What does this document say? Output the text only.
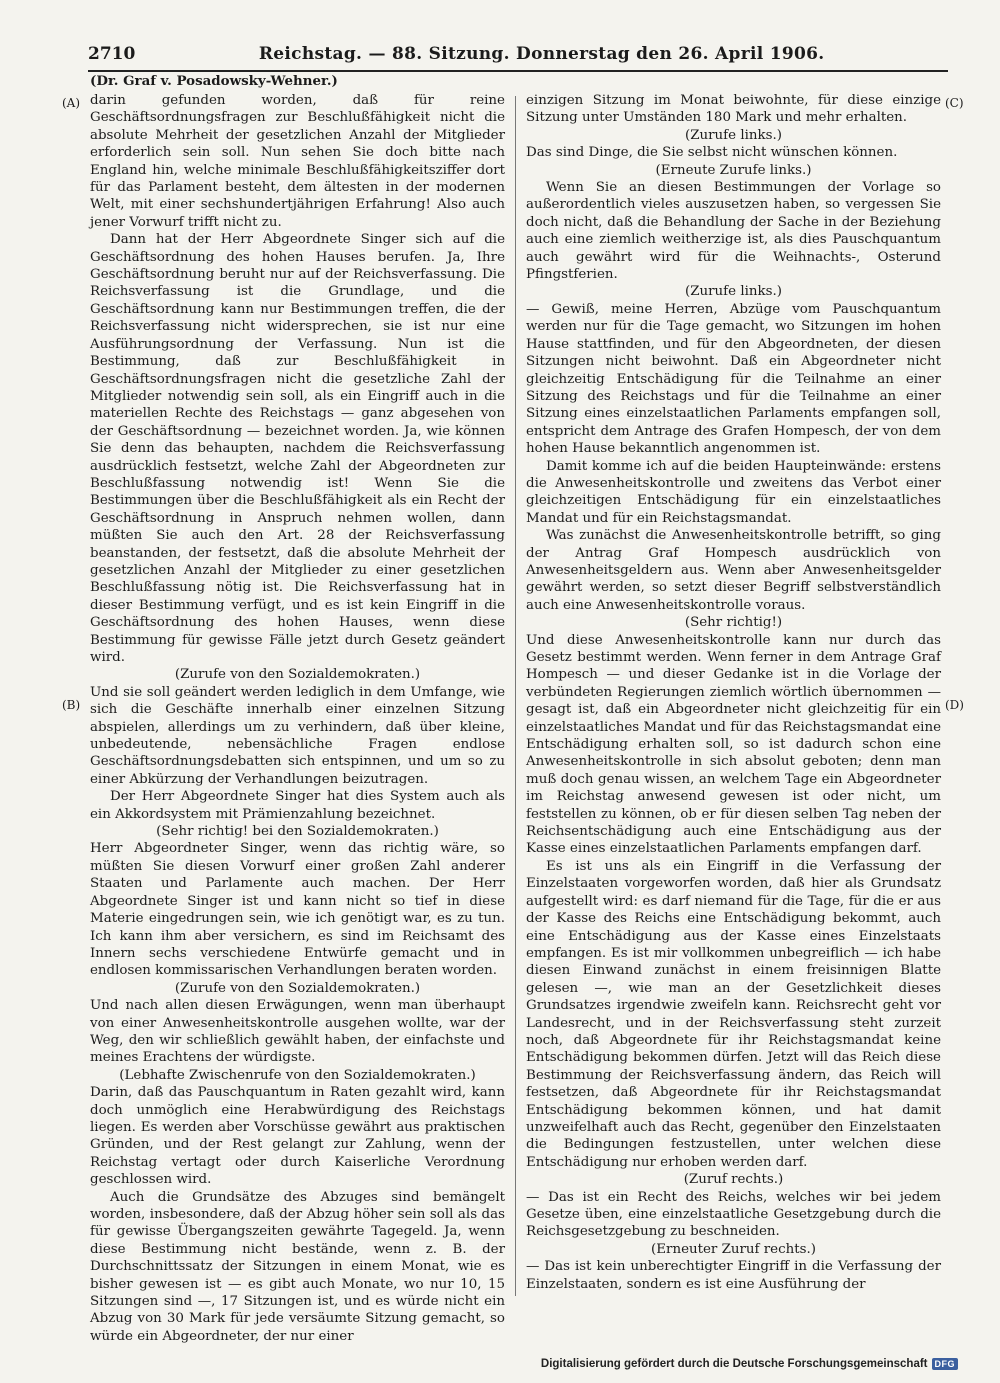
2710	Reichstag. — 88. Sitzung. Donnerstag den 26. April 1906.
(Dr. Graf v. Posadowsky-Wehner.)
(A)
(B)
(C)
(D)

darin gefunden worden, daß für reine Geschäftsordnungsfragen zur Beschlußfähigkeit nicht die absolute Mehrheit der gesetzlichen Anzahl der Mitglieder erforderlich sein soll. Nun sehen Sie doch bitte nach England hin, welche minimale Beschlußfähigkeitsziffer dort für das Parlament besteht, dem ältesten in der modernen Welt, mit einer sechshundertjährigen Erfahrung! Also auch jener Vorwurf trifft nicht zu.

Dann hat der Herr Abgeordnete Singer sich auf die Geschäftsordnung des hohen Hauses berufen. Ja, Ihre Geschäftsordnung beruht nur auf der Reichsverfassung. Die Reichsverfassung ist die Grundlage, und die Geschäftsordnung kann nur Bestimmungen treffen, die der Reichsverfassung nicht widersprechen, sie ist nur eine Ausführungsordnung der Verfassung. Nun ist die Bestimmung, daß zur Beschlußfähigkeit in Geschäftsordnungsfragen nicht die gesetzliche Zahl der Mitglieder notwendig sein soll, als ein Eingriff auch in die materiellen Rechte des Reichstags — ganz abgesehen von der Geschäftsordnung — bezeichnet worden. Ja, wie können Sie denn das behaupten, nachdem die Reichsverfassung ausdrücklich festsetzt, welche Zahl der Abgeordneten zur Beschlußfassung notwendig ist! Wenn Sie die Bestimmungen über die Beschlußfähigkeit als ein Recht der Geschäftsordnung in Anspruch nehmen wollen, dann müßten Sie auch den Art. 28 der Reichsverfassung beanstanden, der festsetzt, daß die absolute Mehrheit der gesetzlichen Anzahl der Mitglieder zu einer gesetzlichen Beschlußfassung nötig ist. Die Reichsverfassung hat in dieser Bestimmung verfügt, und es ist kein Eingriff in die Geschäftsordnung des hohen Hauses, wenn diese Bestimmung für gewisse Fälle jetzt durch Gesetz geändert wird.

(Zurufe von den Sozialdemokraten.)

Und sie soll geändert werden lediglich in dem Umfange, wie sich die Geschäfte innerhalb einer einzelnen Sitzung abspielen, allerdings um zu verhindern, daß über kleine, unbedeutende, nebensächliche Fragen endlose Geschäftsordnungsdebatten sich entspinnen, und um so zu einer Abkürzung der Verhandlungen beizutragen.

Der Herr Abgeordnete Singer hat dies System auch als ein Akkordsystem mit Prämienzahlung bezeichnet.

(Sehr richtig! bei den Sozialdemokraten.)

Herr Abgeordneter Singer, wenn das richtig wäre, so müßten Sie diesen Vorwurf einer großen Zahl anderer Staaten und Parlamente auch machen. Der Herr Abgeordnete Singer ist und kann nicht so tief in diese Materie eingedrungen sein, wie ich genötigt war, es zu tun. Ich kann ihm aber versichern, es sind im Reichsamt des Innern sechs verschiedene Entwürfe gemacht und in endlosen kommissarischen Verhandlungen beraten worden.

(Zurufe von den Sozialdemokraten.)

Und nach allen diesen Erwägungen, wenn man überhaupt von einer Anwesenheitskontrolle ausgehen wollte, war der Weg, den wir schließlich gewählt haben, der einfachste und meines Erachtens der würdigste.

(Lebhafte Zwischenrufe von den Sozialdemokraten.)

Darin, daß das Pauschquantum in Raten gezahlt wird, kann doch unmöglich eine Herabwürdigung des Reichstags liegen. Es werden aber Vorschüsse gewährt aus praktischen Gründen, und der Rest gelangt zur Zahlung, wenn der Reichstag vertagt oder durch Kaiserliche Verordnung geschlossen wird.

Auch die Grundsätze des Abzuges sind bemängelt worden, insbesondere, daß der Abzug höher sein soll als das für gewisse Übergangszeiten gewährte Tagegeld. Ja, wenn diese Bestimmung nicht bestände, wenn z. B. der Durchschnittssatz der Sitzungen in einem Monat, wie es bisher gewesen ist — es gibt auch Monate, wo nur 10, 15 Sitzungen sind —, 17 Sitzungen ist, und es würde nicht ein Abzug von 30 Mark für jede versäumte Sitzung gemacht, so würde ein Abgeordneter, der nur einer

einzigen Sitzung im Monat beiwohnte, für diese einzige Sitzung unter Umständen 180 Mark und mehr erhalten.

(Zurufe links.)

Das sind Dinge, die Sie selbst nicht wünschen können.

(Erneute Zurufe links.)

Wenn Sie an diesen Bestimmungen der Vorlage so außerordentlich vieles auszusetzen haben, so vergessen Sie doch nicht, daß die Behandlung der Sache in der Beziehung auch eine ziemlich weitherzige ist, als dies Pauschquantum auch gewährt wird für die Weihnachts-, Osterund Pfingstferien.

(Zurufe links.)

— Gewiß, meine Herren, Abzüge vom Pauschquantum werden nur für die Tage gemacht, wo Sitzungen im hohen Hause stattfinden, und für den Abgeordneten, der diesen Sitzungen nicht beiwohnt. Daß ein Abgeordneter nicht gleichzeitig Entschädigung für die Teilnahme an einer Sitzung des Reichstags und für die Teilnahme an einer Sitzung eines einzelstaatlichen Parlaments empfangen soll, entspricht dem Antrage des Grafen Hompesch, der von dem hohen Hause bekanntlich angenommen ist.

Damit komme ich auf die beiden Haupteinwände: erstens die Anwesenheitskontrolle und zweitens das Verbot einer gleichzeitigen Entschädigung für ein einzelstaatliches Mandat und für ein Reichstagsmandat.

Was zunächst die Anwesenheitskontrolle betrifft, so ging der Antrag Graf Hompesch ausdrücklich von Anwesenheitsgeldern aus. Wenn aber Anwesenheitsgelder gewährt werden, so setzt dieser Begriff selbstverständlich auch eine Anwesenheitskontrolle voraus.

(Sehr richtig!)

Und diese Anwesenheitskontrolle kann nur durch das Gesetz bestimmt werden. Wenn ferner in dem Antrage Graf Hompesch — und dieser Gedanke ist in die Vorlage der verbündeten Regierungen ziemlich wörtlich übernommen — gesagt ist, daß ein Abgeordneter nicht gleichzeitig für ein einzelstaatliches Mandat und für das Reichstagsmandat eine Entschädigung erhalten soll, so ist dadurch schon eine Anwesenheitskontrolle in sich absolut geboten; denn man muß doch genau wissen, an welchem Tage ein Abgeordneter im Reichstag anwesend gewesen ist oder nicht, um feststellen zu können, ob er für diesen selben Tag neben der Reichsentschädigung auch eine Entschädigung aus der Kasse eines einzelstaatlichen Parlaments empfangen darf.

Es ist uns als ein Eingriff in die Verfassung der Einzelstaaten vorgeworfen worden, daß hier als Grundsatz aufgestellt wird: es darf niemand für die Tage, für die er aus der Kasse des Reichs eine Entschädigung bekommt, auch eine Entschädigung aus der Kasse eines Einzelstaats empfangen. Es ist mir vollkommen unbegreiflich — ich habe diesen Einwand zunächst in einem freisinnigen Blatte gelesen —, wie man an der Gesetzlichkeit dieses Grundsatzes irgendwie zweifeln kann. Reichsrecht geht vor Landesrecht, und in der Reichsverfassung steht zurzeit noch, daß Abgeordnete für ihr Reichstagsmandat keine Entschädigung bekommen dürfen. Jetzt will das Reich diese Bestimmung der Reichsverfassung ändern, das Reich will festsetzen, daß Abgeordnete für ihr Reichstagsmandat Entschädigung bekommen können, und hat damit unzweifelhaft auch das Recht, gegenüber den Einzelstaaten die Bedingungen festzustellen, unter welchen diese Entschädigung nur erhoben werden darf.

(Zuruf rechts.)

— Das ist ein Recht des Reichs, welches wir bei jedem Gesetze üben, eine einzelstaatliche Gesetzgebung durch die Reichsgesetzgebung zu beschneiden.

(Erneuter Zuruf rechts.)

— Das ist kein unberechtigter Eingriff in die Verfassung der Einzelstaaten, sondern es ist eine Ausführung der

Digitalisierung gefördert durch die Deutsche Forschungsgemeinschaft DFG
